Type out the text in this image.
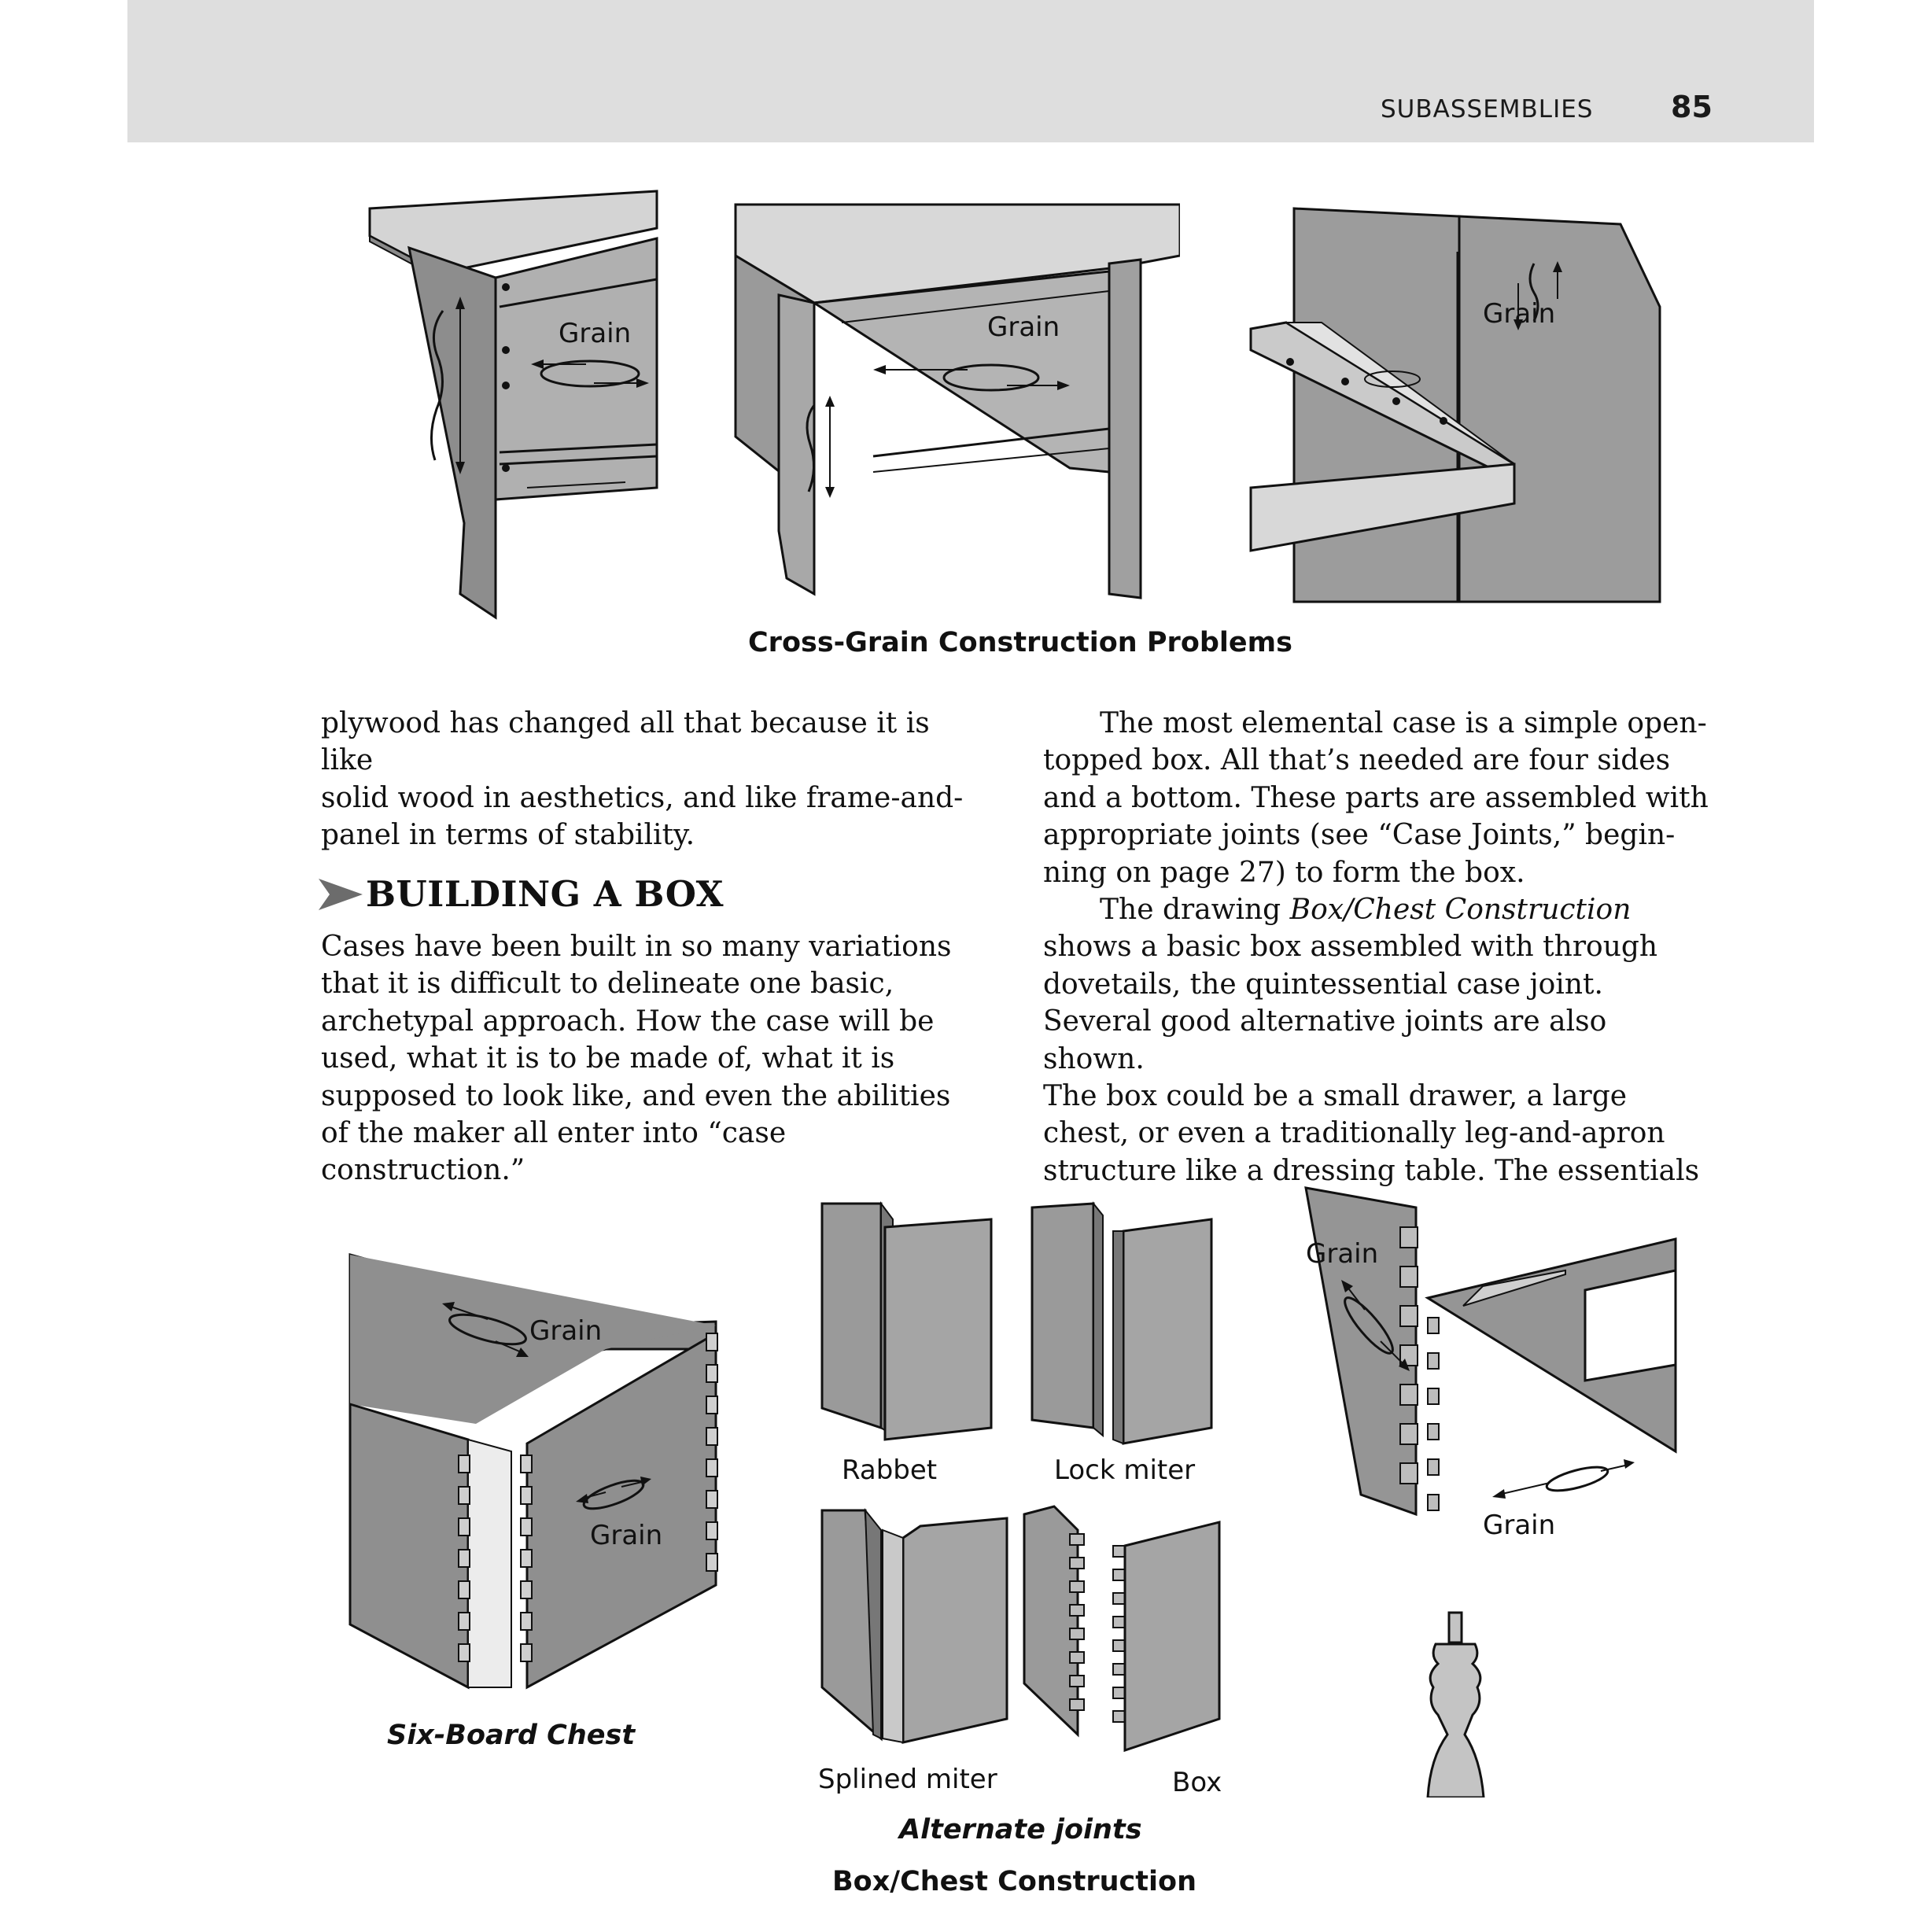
SUBASSEMBLIES	85
Grain	Grain	Grain
Cross-Grain Construction Problems

plywood has changed all that because it is like
solid wood in aesthetics, and like frame-and-
panel in terms of stability.

BUILDING A BOX

Cases have been built in so many variations
that it is difficult to delineate one basic,
archetypal approach. How the case will be
used, what it is to be made of, what it is
supposed to look like, and even the abilities
of the maker all enter into “case construction.”

The most elemental case is a simple open-
topped box. All that’s needed are four sides
and a bottom. These parts are assembled with
appropriate joints (see “Case Joints,” begin-
ning on page 27) to form the box.

The drawing Box/Chest Construction
shows a basic box assembled with through
dovetails, the quintessential case joint.
Several good alternative joints are also shown.
The box could be a small drawer, a large
chest, or even a traditionally leg-and-apron
structure like a dressing table. The essentials

Grain
Grain
Six-Board Chest
Rabbet	Lock miter
Splined miter	Box
Alternate joints
Grain
Grain
Box/Chest Construction
